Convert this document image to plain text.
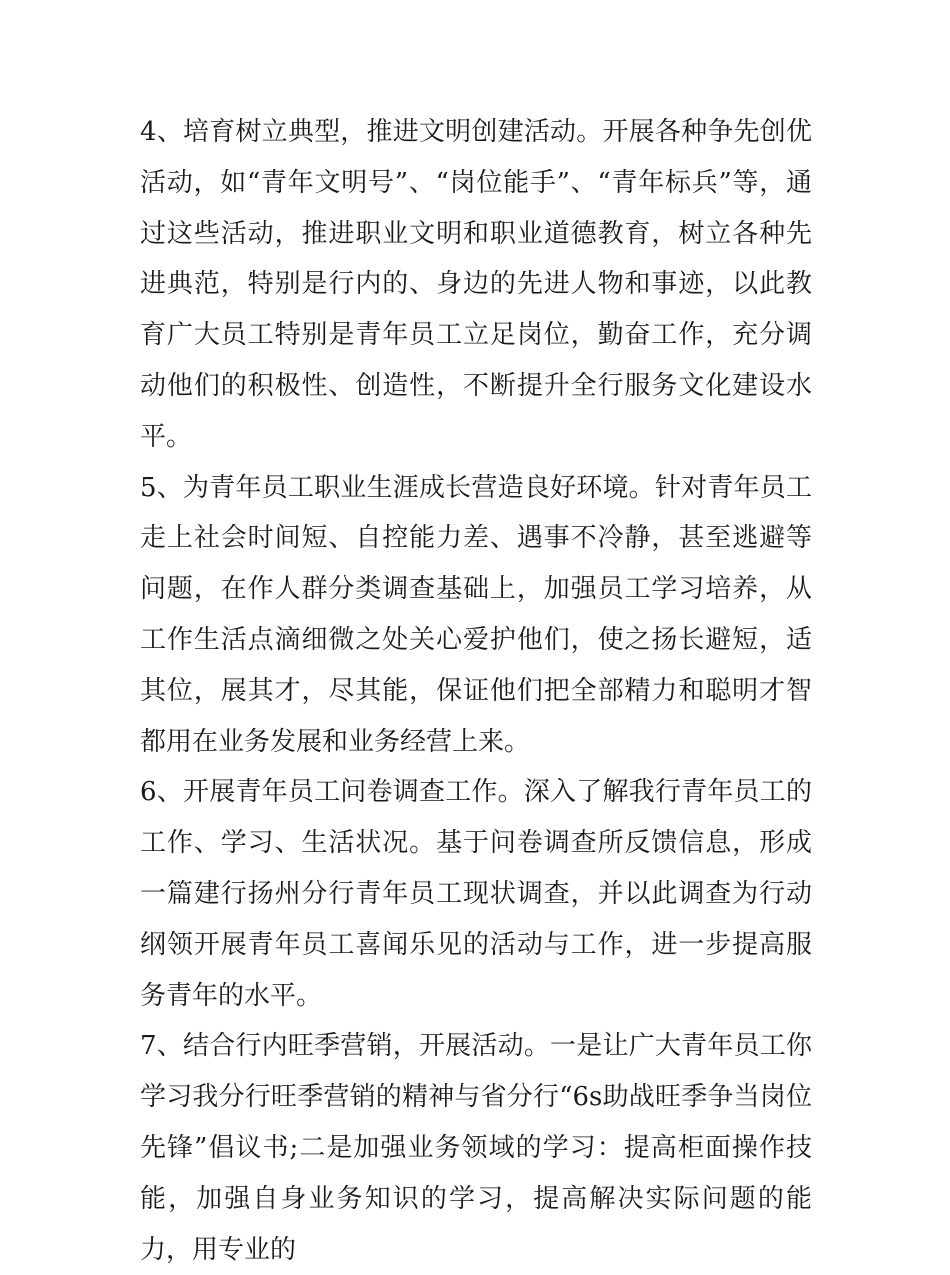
4、培育树立典型，推进文明创建活动。开展各种争先创优活动，如“青年文明号”、“岗位能手”、“青年标兵”等，通过这些活动，推进职业文明和职业道德教育，树立各种先进典范，特别是行内的、身边的先进人物和事迹，以此教育广大员工特别是青年员工立足岗位，勤奋工作，充分调动他们的积极性、创造性，不断提升全行服务文化建设水平。

5、为青年员工职业生涯成长营造良好环境。针对青年员工走上社会时间短、自控能力差、遇事不冷静，甚至逃避等问题，在作人群分类调查基础上，加强员工学习培养，从工作生活点滴细微之处关心爱护他们，使之扬长避短，适其位，展其才，尽其能，保证他们把全部精力和聪明才智都用在业务发展和业务经营上来。

6、开展青年员工问卷调查工作。深入了解我行青年员工的工作、学习、生活状况。基于问卷调查所反馈信息，形成一篇建行扬州分行青年员工现状调查，并以此调查为行动纲领开展青年员工喜闻乐见的活动与工作，进一步提高服务青年的水平。

7、结合行内旺季营销，开展活动。一是让广大青年员工你学习我分行旺季营销的精神与省分行“6s助战旺季争当岗位先锋”倡议书;二是加强业务领域的学习：提高柜面操作技能，加强自身业务知识的学习，提高解决实际问题的能力，用专业的
